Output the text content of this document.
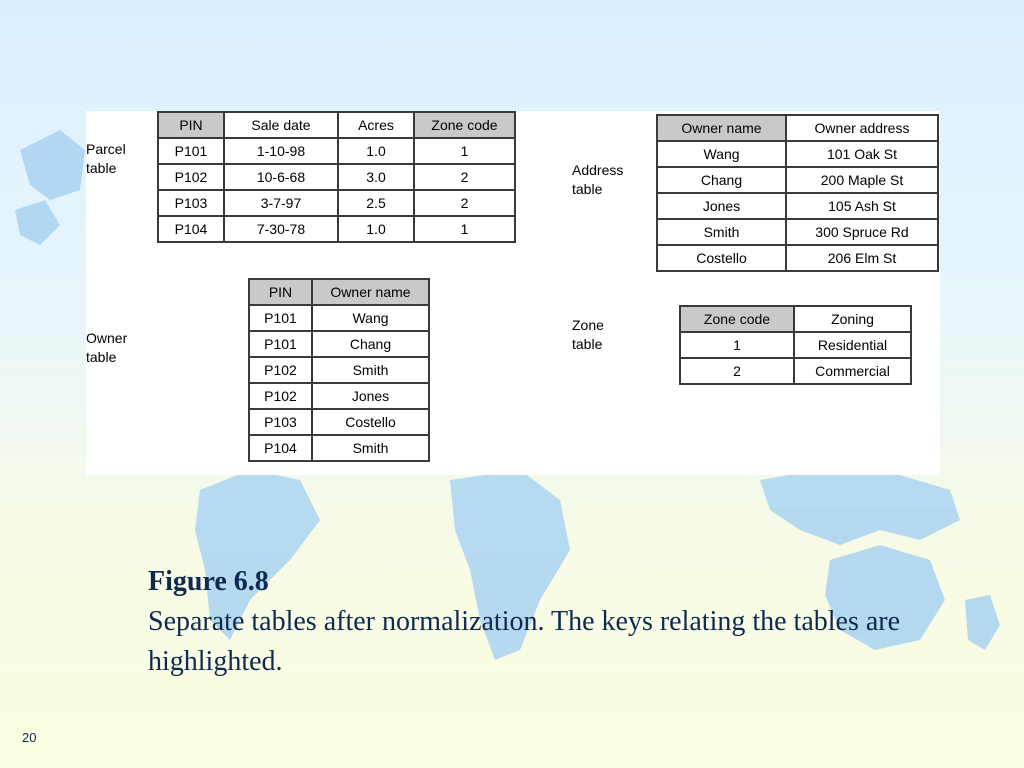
Parcel
table
Owner
table
Address
table
Zone
table
PIN	Sale date	Acres	Zone code
P101	1-10-98	1.0	1
P102	10-6-68	3.0	2
P103	3-7-97	2.5	2
P104	7-30-78	1.0	1
PIN	Owner name
P101	Wang
P101	Chang
P102	Smith
P102	Jones
P103	Costello
P104	Smith
Owner name	Owner address
Wang	101 Oak St
Chang	200 Maple St
Jones	105 Ash St
Smith	300 Spruce Rd
Costello	206 Elm St
Zone code	Zoning
1	Residential
2	Commercial
Figure 6.8
Separate tables after normalization. The keys relating the tables are highlighted.
20
